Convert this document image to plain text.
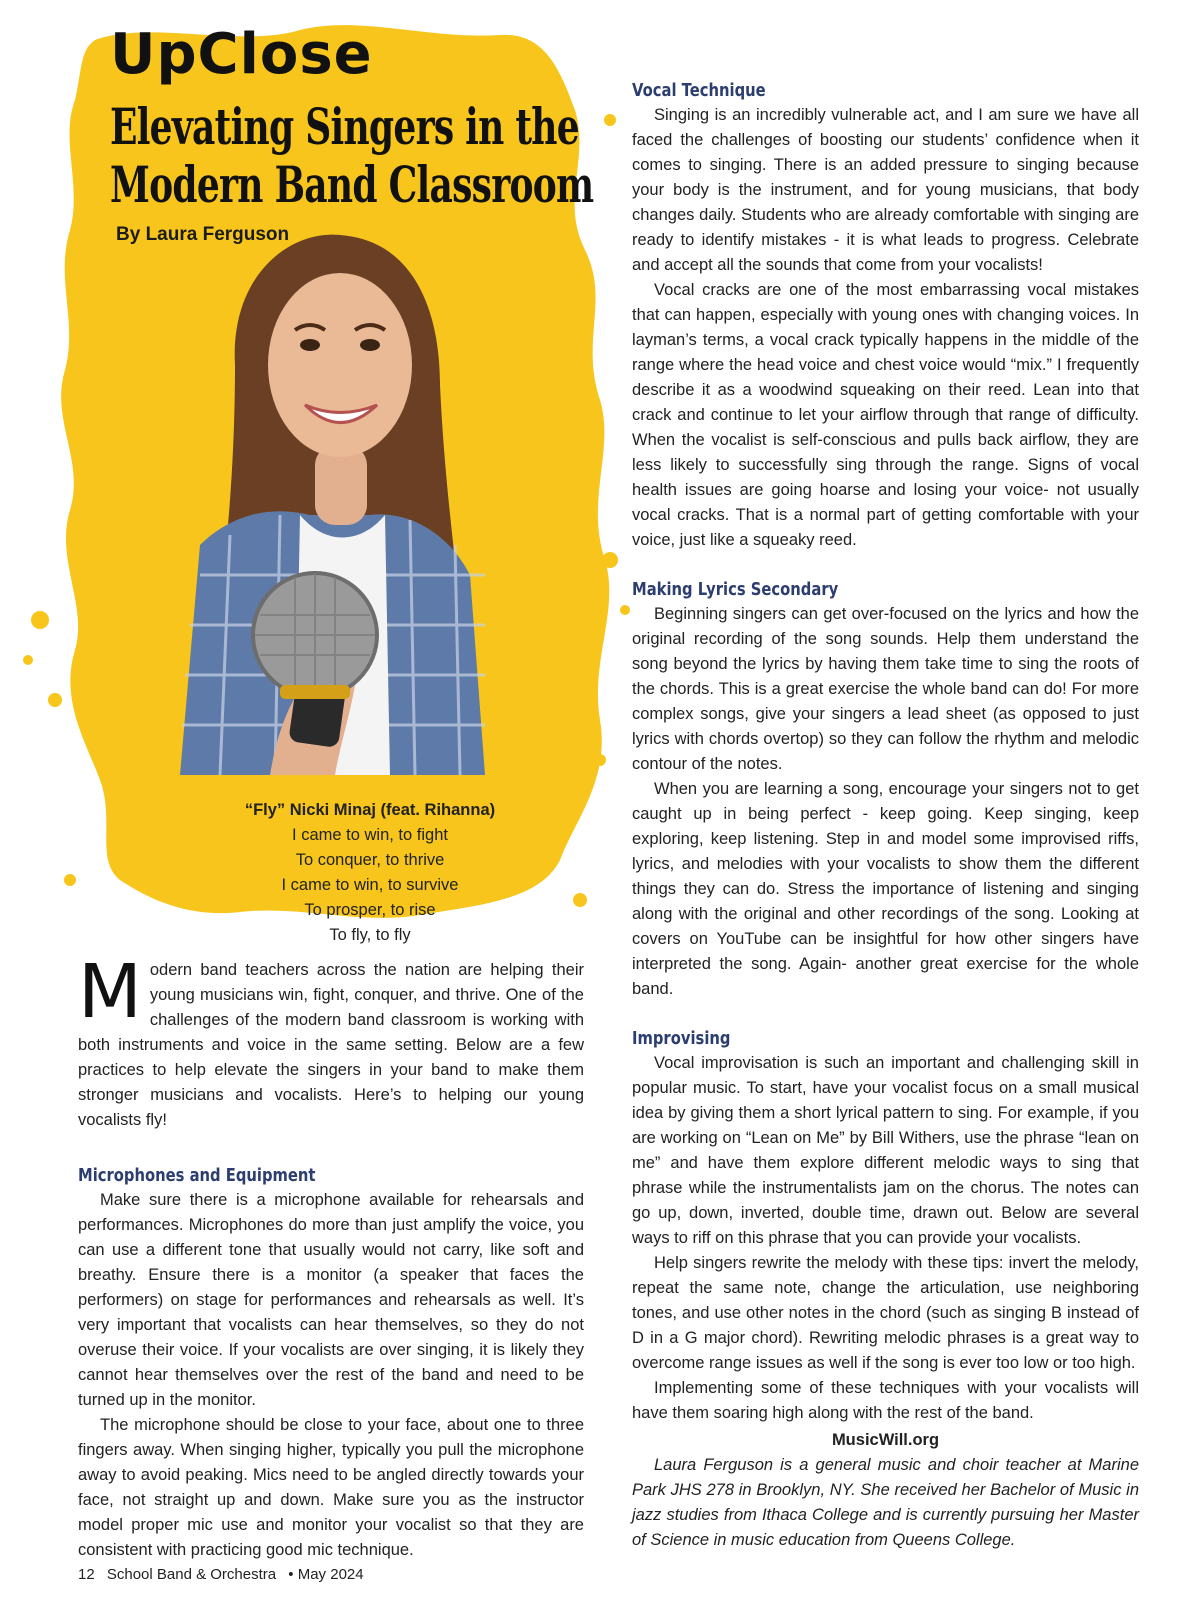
UpClose
Elevating Singers in the
Modern Band Classroom

By Laura Ferguson

“Fly” Nicki Minaj (feat. Rihanna)
I came to win, to fight
To conquer, to thrive
I came to win, to survive
To prosper, to rise
To fly, to fly

Modern band teachers across the nation are helping their young musicians win, fight, conquer, and thrive. One of the challenges of the modern band classroom is working with both instruments and voice in the same setting. Below are a few practices to help elevate the singers in your band to make them stronger musicians and vocalists. Here’s to helping our young vocalists fly!

Microphones and Equipment

Make sure there is a microphone available for rehearsals and performances. Microphones do more than just amplify the voice, you can use a different tone that usually would not carry, like soft and breathy. Ensure there is a monitor (a speaker that faces the performers) on stage for performances and rehearsals as well. It’s very important that vocalists can hear themselves, so they do not overuse their voice. If your vocalists are over singing, it is likely they cannot hear themselves over the rest of the band and need to be turned up in the monitor.

The microphone should be close to your face, about one to three fingers away. When singing higher, typically you pull the microphone away to avoid peaking. Mics need to be angled directly towards your face, not straight up and down. Make sure you as the instructor model proper mic use and monitor your vocalist so that they are consistent with practicing good mic technique.

Vocal Technique

Singing is an incredibly vulnerable act, and I am sure we have all faced the challenges of boosting our students’ confidence when it comes to singing. There is an added pressure to singing because your body is the instrument, and for young musicians, that body changes daily. Students who are already comfortable with singing are ready to identify mistakes - it is what leads to progress. Celebrate and accept all the sounds that come from your vocalists!

Vocal cracks are one of the most embarrassing vocal mistakes that can happen, especially with young ones with changing voices. In layman’s terms, a vocal crack typically happens in the middle of the range where the head voice and chest voice would “mix.” I frequently describe it as a woodwind squeaking on their reed. Lean into that crack and continue to let your airflow through that range of difficulty. When the vocalist is self-conscious and pulls back airflow, they are less likely to successfully sing through the range. Signs of vocal health issues are going hoarse and losing your voice- not usually vocal cracks. That is a normal part of getting comfortable with your voice, just like a squeaky reed.

Making Lyrics Secondary

Beginning singers can get over-focused on the lyrics and how the original recording of the song sounds. Help them understand the song beyond the lyrics by having them take time to sing the roots of the chords. This is a great exercise the whole band can do! For more complex songs, give your singers a lead sheet (as opposed to just lyrics with chords overtop) so they can follow the rhythm and melodic contour of the notes.

When you are learning a song, encourage your singers not to get caught up in being perfect - keep going. Keep singing, keep exploring, keep listening. Step in and model some improvised riffs, lyrics, and melodies with your vocalists to show them the different things they can do. Stress the importance of listening and singing along with the original and other recordings of the song. Looking at covers on YouTube can be insightful for how other singers have interpreted the song. Again- another great exercise for the whole band.

Improvising

Vocal improvisation is such an important and challenging skill in popular music. To start, have your vocalist focus on a small musical idea by giving them a short lyrical pattern to sing. For example, if you are working on “Lean on Me” by Bill Withers, use the phrase “lean on me” and have them explore different melodic ways to sing that phrase while the instrumentalists jam on the chorus. The notes can go up, down, inverted, double time, drawn out. Below are several ways to riff on this phrase that you can provide your vocalists.

Help singers rewrite the melody with these tips: invert the melody, repeat the same note, change the articulation, use neighboring tones, and use other notes in the chord (such as singing B instead of D in a G major chord). Rewriting melodic phrases is a great way to overcome range issues as well if the song is ever too low or too high.

Implementing some of these techniques with your vocalists will have them soaring high along with the rest of the band.

MusicWill.org

Laura Ferguson is a general music and choir teacher at Marine Park JHS 278 in Brooklyn, NY. She received her Bachelor of Music in jazz studies from Ithaca College and is currently pursuing her Master of Science in music education from Queens College.

12 School Band & Orchestra • May 2024
